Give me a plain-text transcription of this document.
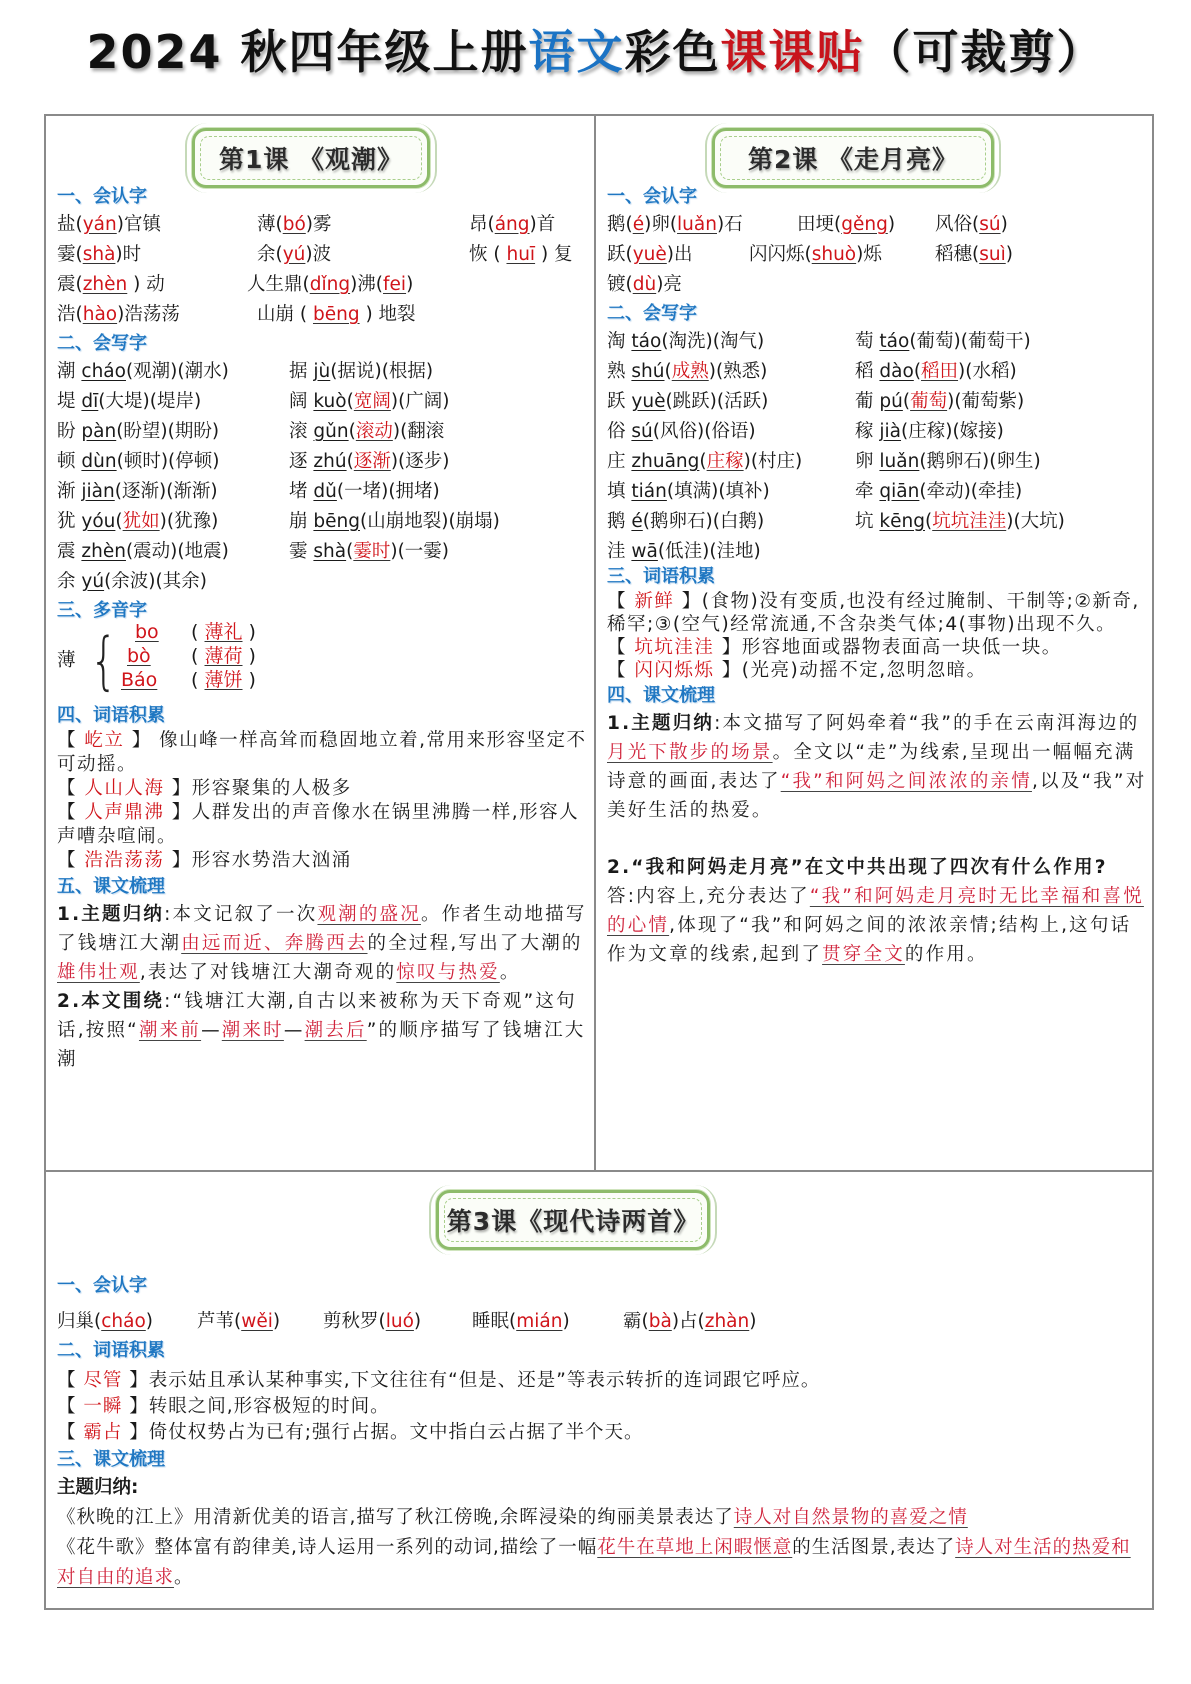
2024 秋四年级上册语文彩色课课贴（可裁剪）
第1课 《观潮》
一、会认字
盐(yán)官镇	薄(bó)雾	昂(áng)首
霎(shà)时	余(yú)波	恢 ( huī ) 复
震(zhèn ) 动	人生鼎(dǐng)沸(fei)
浩(hào)浩荡荡	山崩 ( bēng ) 地裂
二、会写字
潮 cháo(观潮)(潮水)	据 jù(据说)(根据)
堤 dī(大堤)(堤岸)	阔 kuò(宽阔)(广阔)
盼 pàn(盼望)(期盼)	滚 gǔn(滚动)(翻滚
顿 dùn(顿时)(停顿)	逐 zhú(逐渐)(逐步)
渐 jiàn(逐渐)(渐渐)	堵 dǔ(一堵)(拥堵)
犹 yóu(犹如)(犹豫)	崩 bēng(山崩地裂)(崩塌)
震 zhèn(震动)(地震)	霎 shà(霎时)(一霎)
余 yú(余波)(其余)
三、多音字
薄 { bo ( 薄礼 )
bò ( 薄荷 )
Báo ( 薄饼 )
四、词语积累
【 屹立 】 像山峰一样高耸而稳固地立着,常用来形容坚定不可动摇。
【 人山人海 】形容聚集的人极多
【 人声鼎沸 】人群发出的声音像水在锅里沸腾一样,形容人声嘈杂喧闹。
【 浩浩荡荡 】形容水势浩大汹涌
五、课文梳理
1.主题归纳:本文记叙了一次观潮的盛况。作者生动地描写了钱塘江大潮由远而近、奔腾西去的全过程,写出了大潮的雄伟壮观,表达了对钱塘江大潮奇观的惊叹与热爱。
2.本文围绕:“钱塘江大潮,自古以来被称为天下奇观”这句话,按照“潮来前—潮来时—潮去后”的顺序描写了钱塘江大潮
第2课 《走月亮》
一、会认字
鹅(é)卵(luǎn)石	田埂(gěng) 风俗(sú)
跃(yuè)出	闪闪烁(shuò)烁	稻穗(suì)
镀(dù)亮
二、会写字
淘 táo(淘洗)(淘气)	萄 táo(葡萄)(葡萄干)
熟 shú(成熟)(熟悉)	稻 dào(稻田)(水稻)
跃 yuè(跳跃)(活跃)	葡 pú(葡萄)(葡萄紫)
俗 sú(风俗)(俗语)	稼 jià(庄稼)(嫁接)
庄 zhuāng(庄稼)(村庄)	卵 luǎn(鹅卵石)(卵生)
填 tián(填满)(填补)	牵 qiān(牵动)(牵挂)
鹅 é(鹅卵石)(白鹅)	坑 kēng(坑坑洼洼)(大坑)
洼 wā(低洼)(洼地)
三、词语积累
【 新鲜 】(食物)没有变质,也没有经过腌制、干制等;②新奇,稀罕;③(空气)经常流通,不含杂类气体;4(事物)出现不久。
【 坑坑洼洼 】形容地面或器物表面高一块低一块。
【 闪闪烁烁 】(光亮)动摇不定,忽明忽暗。
四、课文梳理
1.主题归纳:本文描写了阿妈牵着“我”的手在云南洱海边的月光下散步的场景。全文以“走”为线索,呈现出一幅幅充满诗意的画面,表达了“我”和阿妈之间浓浓的亲情,以及“我”对美好生活的热爱。
2.“我和阿妈走月亮”在文中共出现了四次有什么作用?
答:内容上,充分表达了“我”和阿妈走月亮时无比幸福和喜悦的心情,体现了“我”和阿妈之间的浓浓亲情;结构上,这句话作为文章的线索,起到了贯穿全文的作用。
第3课《现代诗两首》
一、会认字
归巢(cháo) 芦苇(wěi) 剪秋罗(luó)	睡眠(mián)	霸(bà)占(zhàn)
二、词语积累
【 尽管 】表示姑且承认某种事实,下文往往有“但是、还是”等表示转折的连词跟它呼应。
【 一瞬 】转眼之间,形容极短的时间。
【 霸占 】倚仗权势占为已有;强行占据。文中指白云占据了半个天。
三、课文梳理
主题归纳:
《秋晚的江上》用清新优美的语言,描写了秋江傍晚,余晖浸染的绚丽美景表达了诗人对自然景物的喜爱之情
《花牛歌》整体富有韵律美,诗人运用一系列的动词,描绘了一幅花牛在草地上闲暇惬意的生活图景,表达了诗人对生活的热爱和对自由的追求。
